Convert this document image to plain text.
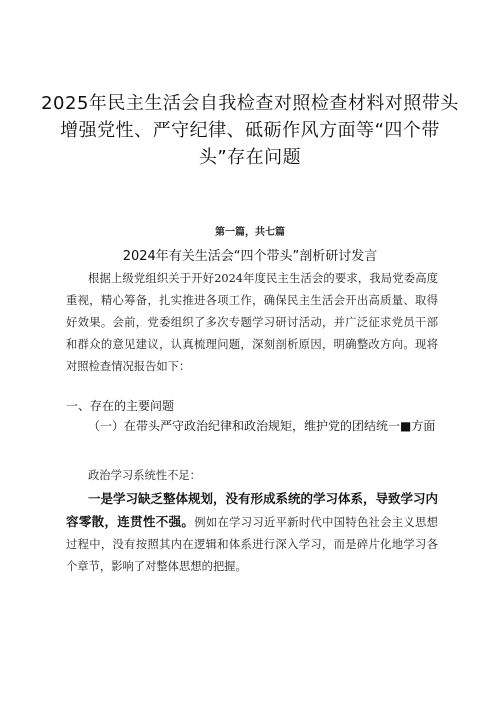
2025年民主生活会自我检查对照检查材料对照带头增强党性、严守纪律、砥砺作风方面等“四个带头”存在问题
第一篇，共七篇
2024年有关生活会“四个带头”剖析研讨发言
根据上级党组织关于开好2024年度民主生活会的要求，我局党委高度重视，精心筹备，扎实推进各项工作，确保民主生活会开出高质量、取得好效果。会前，党委组织了多次专题学习研讨活动，并广泛征求党员干部和群众的意见建议，认真梳理问题，深刻剖析原因，明确整改方向。现将对照检查情况报告如下：
一、存在的主要问题
（一）在带头严守政治纪律和政治规矩，维护党的团结统一■方面
政治学习系统性不足：
一是学习缺乏整体规划，没有形成系统的学习体系，导致学习内容零散，连贯性不强。例如在学习习近平新时代中国特色社会主义思想过程中，没有按照其内在逻辑和体系进行深入学习，而是碎片化地学习各个章节，影响了对整体思想的把握。
